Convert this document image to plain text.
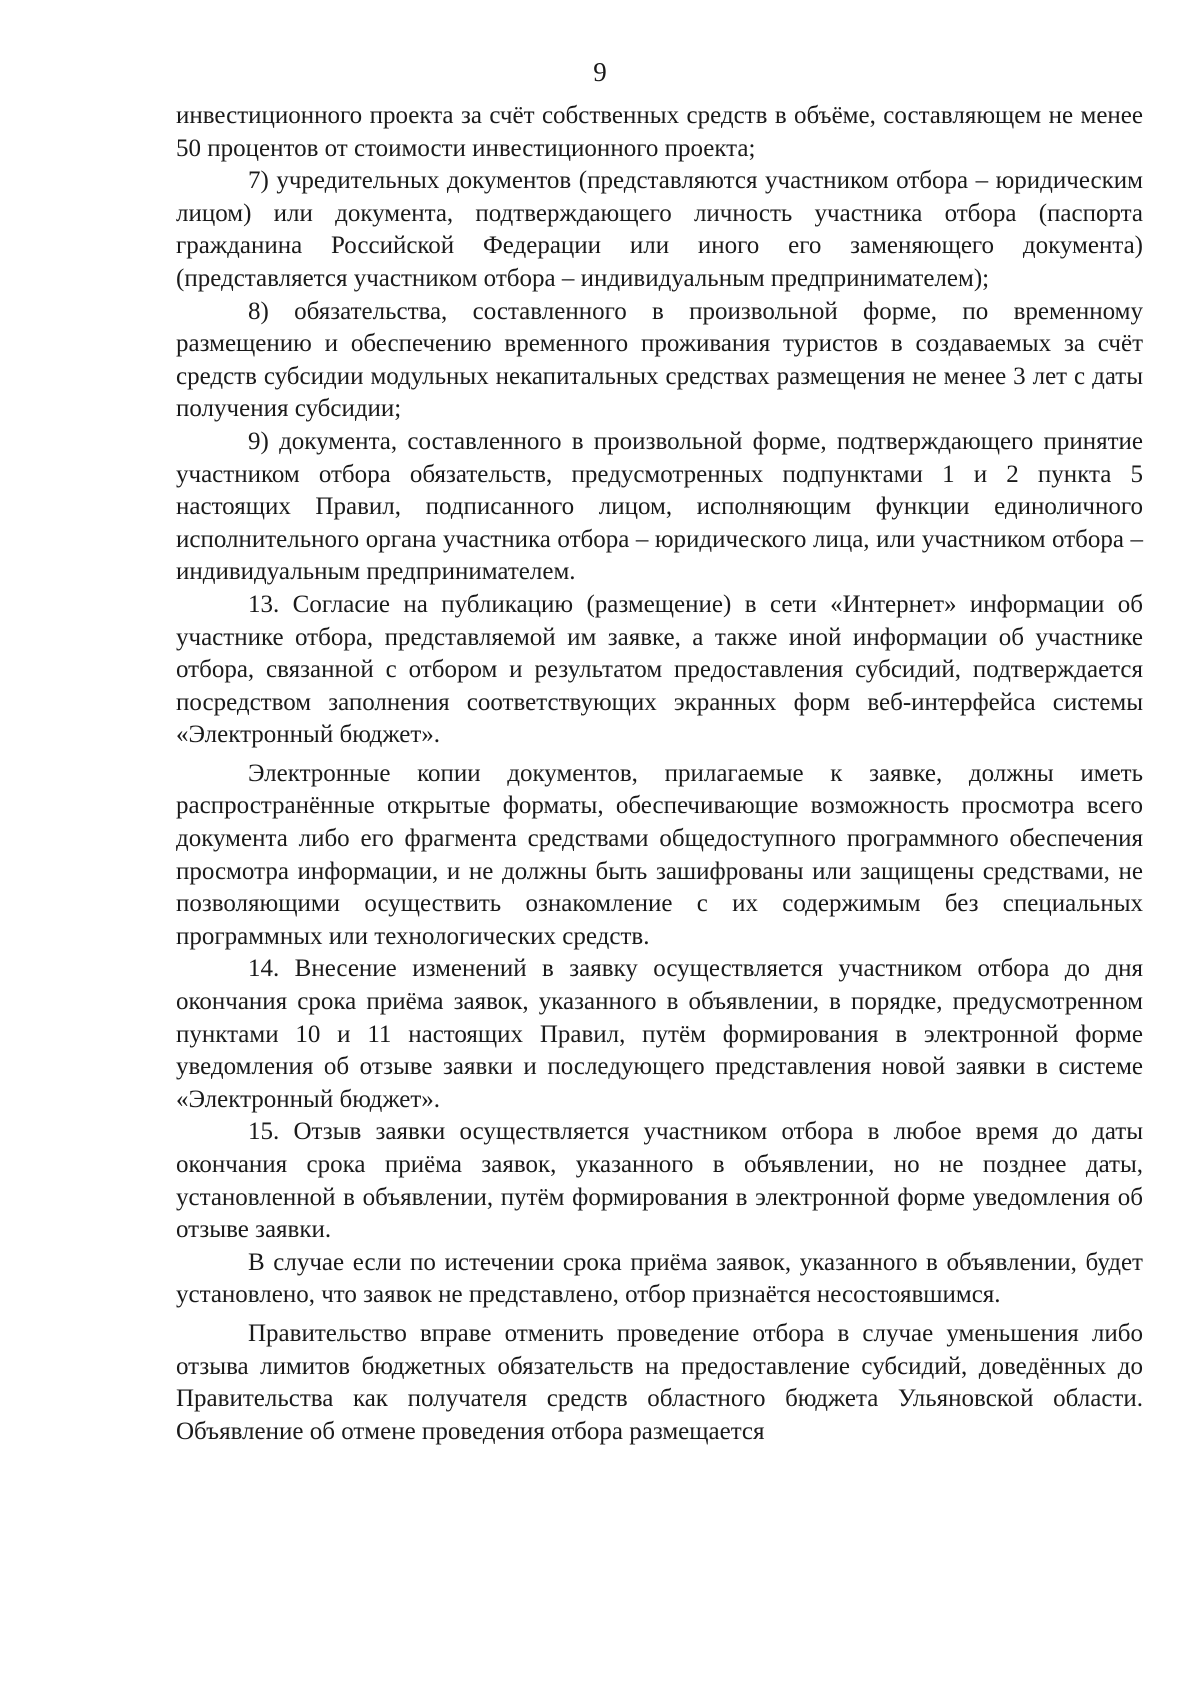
9

инвестиционного проекта за счёт собственных средств в объёме, составляющем не менее 50 процентов от стоимости инвестиционного проекта;

7) учредительных документов (представляются участником отбора – юридическим лицом) или документа, подтверждающего личность участника отбора (паспорта гражданина Российской Федерации или иного его заменяющего документа) (представляется участником отбора – индивидуальным предпринимателем);

8) обязательства, составленного в произвольной форме, по временному размещению и обеспечению временного проживания туристов в создаваемых за счёт средств субсидии модульных некапитальных средствах размещения не менее 3 лет с даты получения субсидии;

9) документа, составленного в произвольной форме, подтверждающего принятие участником отбора обязательств, предусмотренных подпунктами 1 и 2 пункта 5 настоящих Правил, подписанного лицом, исполняющим функции единоличного исполнительного органа участника отбора – юридического лица, или участником отбора – индивидуальным предпринимателем.

13. Согласие на публикацию (размещение) в сети «Интернет» информации об участнике отбора, представляемой им заявке, а также иной информации об участнике отбора, связанной с отбором и результатом предоставления субсидий, подтверждается посредством заполнения соответствующих экранных форм веб-интерфейса системы «Электронный бюджет».

Электронные копии документов, прилагаемые к заявке, должны иметь распространённые открытые форматы, обеспечивающие возможность просмотра всего документа либо его фрагмента средствами общедоступного программного обеспечения просмотра информации, и не должны быть зашифрованы или защищены средствами, не позволяющими осуществить ознакомление с их содержимым без специальных программных или технологических средств.

14. Внесение изменений в заявку осуществляется участником отбора до дня окончания срока приёма заявок, указанного в объявлении, в порядке, предусмотренном пунктами 10 и 11 настоящих Правил, путём формирования в электронной форме уведомления об отзыве заявки и последующего представления новой заявки в системе «Электронный бюджет».

15. Отзыв заявки осуществляется участником отбора в любое время до даты окончания срока приёма заявок, указанного в объявлении, но не позднее даты, установленной в объявлении, путём формирования в электронной форме уведомления об отзыве заявки.

В случае если по истечении срока приёма заявок, указанного в объявлении, будет установлено, что заявок не представлено, отбор признаётся несостоявшимся.

Правительство вправе отменить проведение отбора в случае уменьшения либо отзыва лимитов бюджетных обязательств на предоставление субсидий, доведённых до Правительства как получателя средств областного бюджета Ульяновской области. Объявление об отмене проведения отбора размещается
